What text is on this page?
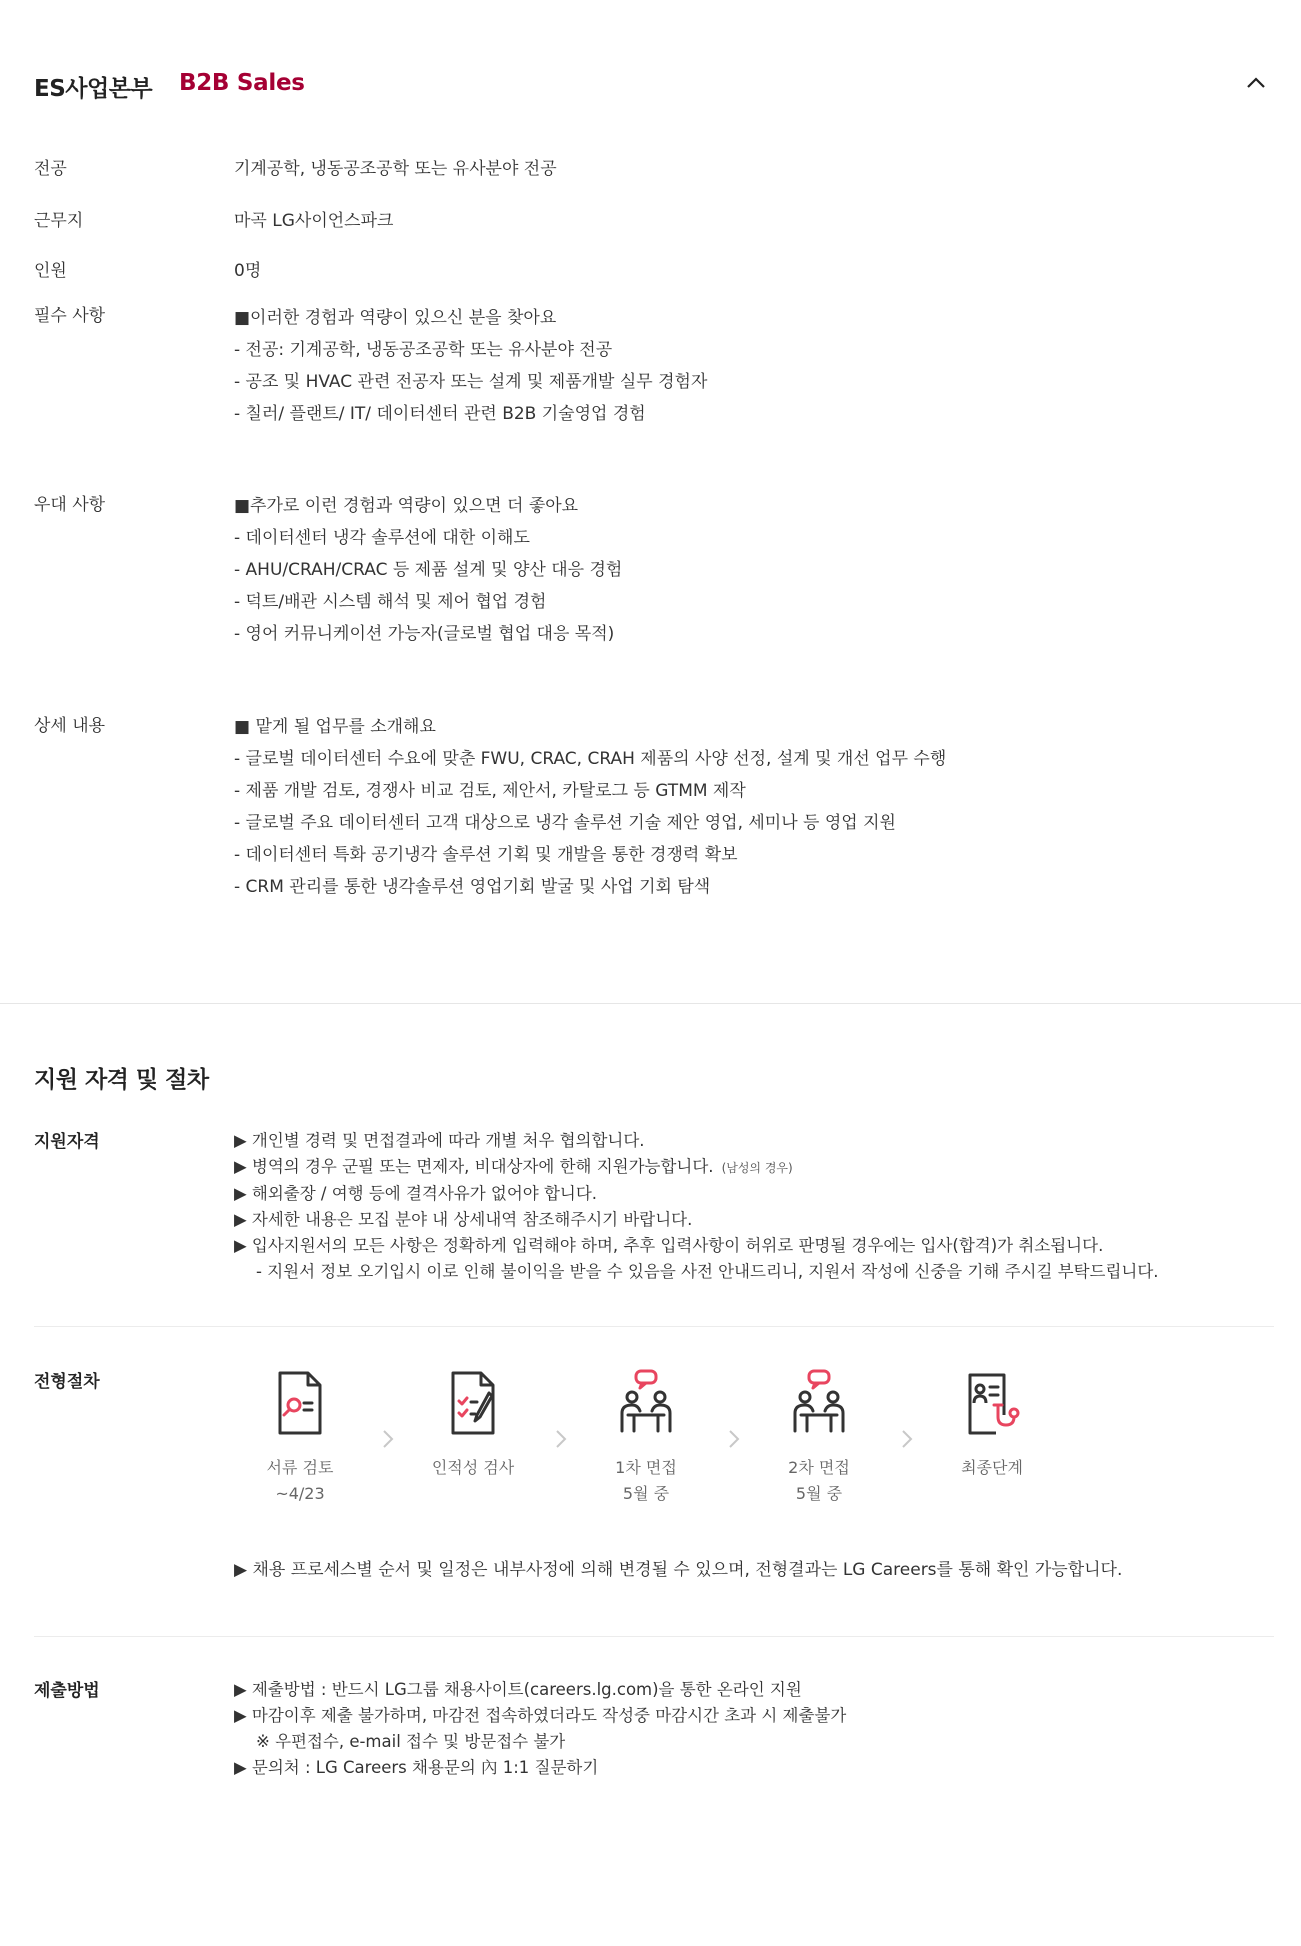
ES사업본부 B2B Sales
전공	기계공학, 냉동공조공학 또는 유사분야 전공
근무지	마곡 LG사이언스파크
인원	0명
필수 사항	■이러한 경험과 역량이 있으신 분을 찾아요
- 전공: 기계공학, 냉동공조공학 또는 유사분야 전공
- 공조 및 HVAC 관련 전공자 또는 설계 및 제품개발 실무 경험자
- 칠러/ 플랜트/ IT/ 데이터센터 관련 B2B 기술영업 경험
우대 사항	■추가로 이런 경험과 역량이 있으면 더 좋아요
- 데이터센터 냉각 솔루션에 대한 이해도
- AHU/CRAH/CRAC 등 제품 설계 및 양산 대응 경험
- 덕트/배관 시스템 해석 및 제어 협업 경험
- 영어 커뮤니케이션 가능자(글로벌 협업 대응 목적)
상세 내용	■ 맡게 될 업무를 소개해요
- 글로벌 데이터센터 수요에 맞춘 FWU, CRAC, CRAH 제품의 사양 선정, 설계 및 개선 업무 수행
- 제품 개발 검토, 경쟁사 비교 검토, 제안서, 카탈로그 등 GTMM 제작
- 글로벌 주요 데이터센터 고객 대상으로 냉각 솔루션 기술 제안 영업, 세미나 등 영업 지원
- 데이터센터 특화 공기냉각 솔루션 기획 및 개발을 통한 경쟁력 확보
- CRM 관리를 통한 냉각솔루션 영업기회 발굴 및 사업 기회 탐색
지원 자격 및 절차
지원자격	▶ 개인별 경력 및 면접결과에 따라 개별 처우 협의합니다.
▶ 병역의 경우 군필 또는 면제자, 비대상자에 한해 지원가능합니다. (남성의 경우)
▶ 해외출장 / 여행 등에 결격사유가 없어야 합니다.
▶ 자세한 내용은 모집 분야 내 상세내역 참조해주시기 바랍니다.
▶ 입사지원서의 모든 사항은 정확하게 입력해야 하며, 추후 입력사항이 허위로 판명될 경우에는 입사(합격)가 취소됩니다.
- 지원서 정보 오기입시 이로 인해 불이익을 받을 수 있음을 사전 안내드리니, 지원서 작성에 신중을 기해 주시길 부탁드립니다.
전형절차
서류 검토
~4/23
인적성 검사	1차 면접
5월 중
2차 면접
5월 중
최종단계
▶ 채용 프로세스별 순서 및 일정은 내부사정에 의해 변경될 수 있으며, 전형결과는 LG Careers를 통해 확인 가능합니다.
제출방법	▶ 제출방법 : 반드시 LG그룹 채용사이트(careers.lg.com)을 통한 온라인 지원
▶ 마감이후 제출 불가하며, 마감전 접속하였더라도 작성중 마감시간 초과 시 제출불가
※ 우편접수, e-mail 접수 및 방문접수 불가
▶ 문의처 : LG Careers 채용문의 內 1:1 질문하기
